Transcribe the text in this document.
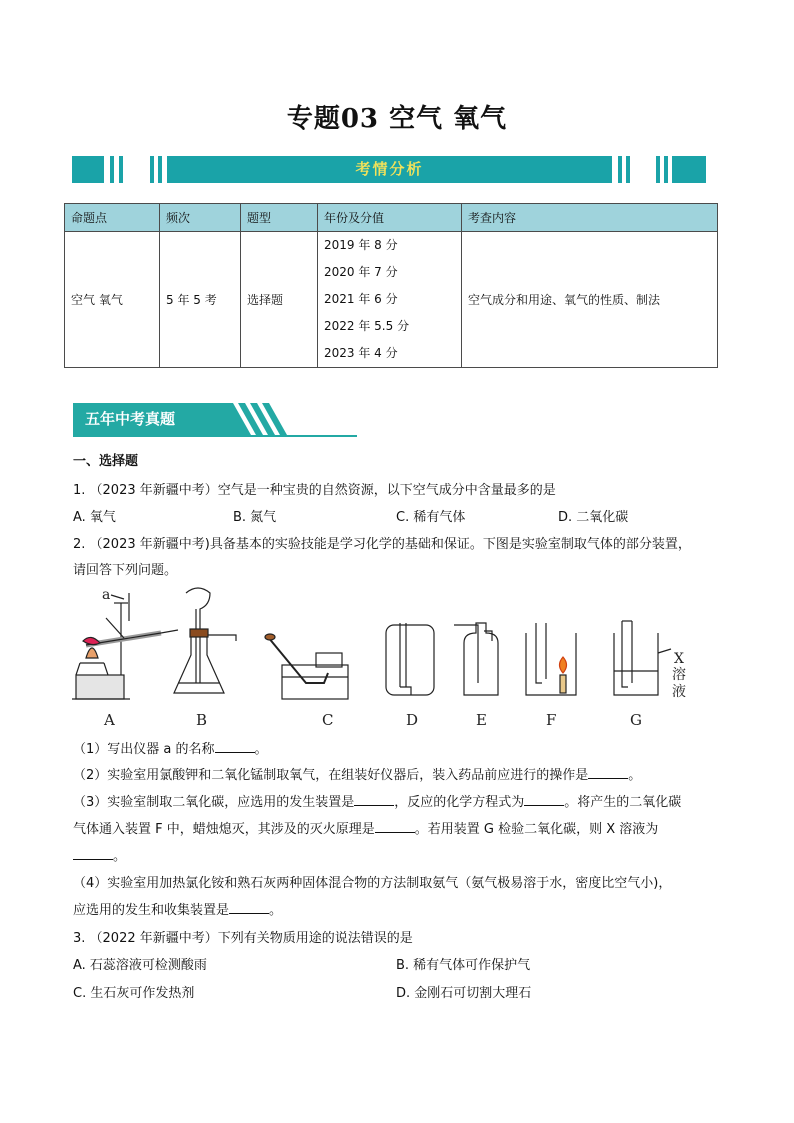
专题03 空气 氧气
考情分析
命题点	频次	题型	年份及分值	考查内容
空气 氧气	5 年 5 考	选择题	2019 年 8 分
2020 年 7 分
2021 年 6 分
2022 年 5.5 分
2023 年 4 分	空气成分和用途、氧气的性质、制法
五年中考真题
一、选择题
1. （2023 年新疆中考）空气是一种宝贵的自然资源，以下空气成分中含量最多的是
A. 氧气	B. 氮气	C. 稀有气体	D. 二氧化碳
2. （2023 年新疆中考)具备基本的实验技能是学习化学的基础和保证。下图是实验室制取气体的部分装置，
请回答下列问题。
a
X
溶
液
A	B	C	D	E	F	G
（1）写出仪器 a 的名称	。
（2）实验室用氯酸钾和二氧化锰制取氧气，在组装好仪器后，装入药品前应进行的操作是	。
（3）实验室制取二氧化碳，应选用的发生装置是	，反应的化学方程式为	。将产生的二氧化碳
气体通入装置 F 中，蜡烛熄灭，其涉及的灭火原理是	。若用装置 G 检验二氧化碳，则 X 溶液为
。
（4）实验室用加热氯化铵和熟石灰两种固体混合物的方法制取氨气（氨气极易溶于水，密度比空气小)，
应选用的发生和收集装置是	。
3. （2022 年新疆中考）下列有关物质用途的说法错误的是
A. 石蕊溶液可检测酸雨	B. 稀有气体可作保护气
C. 生石灰可作发热剂	D. 金刚石可切割大理石
